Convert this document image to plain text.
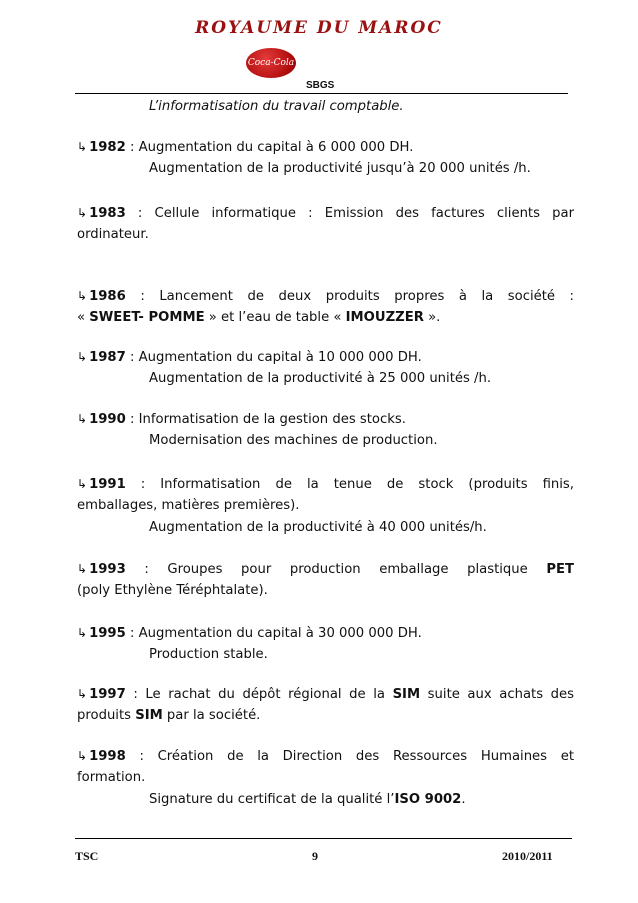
ROYAUME DU MAROC
Coca-Cola
SBGS
L’informatisation du travail comptable.
↳ 1982 : Augmentation du capital à 6 000 000 DH.
Augmentation de la productivité jusqu’à 20 000 unités /h.
↳ 1983 : Cellule informatique : Emission des factures clients par
ordinateur.
↳ 1986 : Lancement de deux produits propres à la société :
« SWEET- POMME » et l’eau de table « IMOUZZER ».
↳ 1987 : Augmentation du capital à 10 000 000 DH.
Augmentation de la productivité à 25 000 unités /h.
↳ 1990 : Informatisation de la gestion des stocks.
Modernisation des machines de production.
↳ 1991 : Informatisation de la tenue de stock (produits finis,
emballages, matières premières).
Augmentation de la productivité à 40 000 unités/h.
↳ 1993 : Groupes pour production emballage plastique PET
(poly Ethylène Téréphtalate).
↳ 1995 : Augmentation du capital à 30 000 000 DH.
Production stable.
↳ 1997 : Le rachat du dépôt régional de la SIM suite aux achats des
produits SIM par la société.
↳ 1998 : Création de la Direction des Ressources Humaines et
formation.
Signature du certificat de la qualité l’ISO 9002.
TSC	9	2010/2011
